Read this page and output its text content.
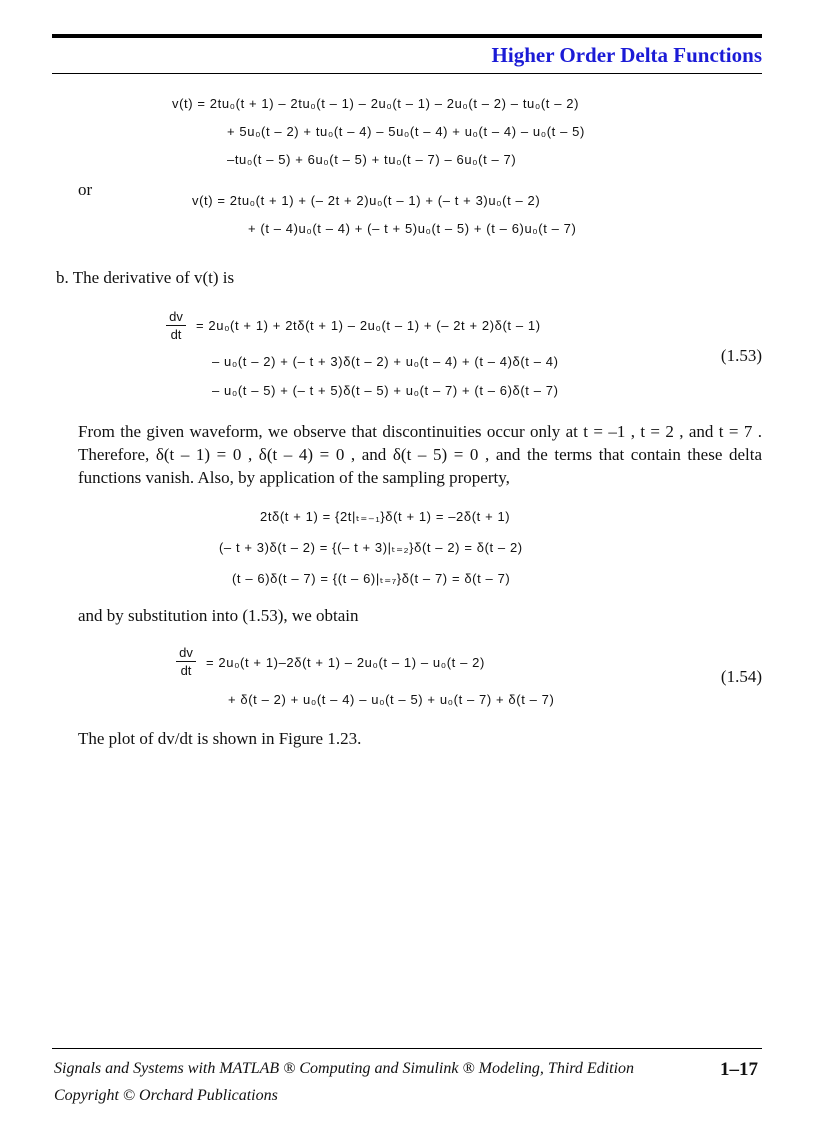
Higher Order Delta Functions
v(t) = 2tu₀(t + 1) – 2tu₀(t – 1) – 2u₀(t – 1) – 2u₀(t – 2) – tu₀(t – 2)
+ 5u₀(t – 2) + tu₀(t – 4) – 5u₀(t – 4) + u₀(t – 4) – u₀(t – 5)
–tu₀(t – 5) + 6u₀(t – 5) + tu₀(t – 7) – 6u₀(t – 7)
or
v(t) = 2tu₀(t + 1) + (– 2t + 2)u₀(t – 1) + (– t + 3)u₀(t – 2)
+ (t – 4)u₀(t – 4) + (– t + 5)u₀(t – 5) + (t – 6)u₀(t – 7)
b. The derivative of v(t) is
dv
dt
= 2u₀(t + 1) + 2tδ(t + 1) – 2u₀(t – 1) + (– 2t + 2)δ(t – 1)
– u₀(t – 2) + (– t + 3)δ(t – 2) + u₀(t – 4) + (t – 4)δ(t – 4)
– u₀(t – 5) + (– t + 5)δ(t – 5) + u₀(t – 7) + (t – 6)δ(t – 7)
(1.53)
From the given waveform, we observe that discontinuities occur only at t = –1 , t = 2 , and t = 7 . Therefore, δ(t – 1) = 0 , δ(t – 4) = 0 , and δ(t – 5) = 0 , and the terms that contain these delta functions vanish. Also, by application of the sampling property,
2tδ(t + 1) = {2t|ₜ₌₋₁}δ(t + 1) = –2δ(t + 1)
(– t + 3)δ(t – 2) = {(– t + 3)|ₜ₌₂}δ(t – 2) = δ(t – 2)
(t – 6)δ(t – 7) = {(t – 6)|ₜ₌₇}δ(t – 7) = δ(t – 7)
and by substitution into (1.53), we obtain
dv
dt
= 2u₀(t + 1)–2δ(t + 1) – 2u₀(t – 1) – u₀(t – 2)
+ δ(t – 2) + u₀(t – 4) – u₀(t – 5) + u₀(t – 7) + δ(t – 7)
(1.54)
The plot of dv/dt is shown in Figure 1.23.
Signals and Systems with MATLAB ® Computing and Simulink ® Modeling, Third Edition
Copyright © Orchard Publications
1–17
